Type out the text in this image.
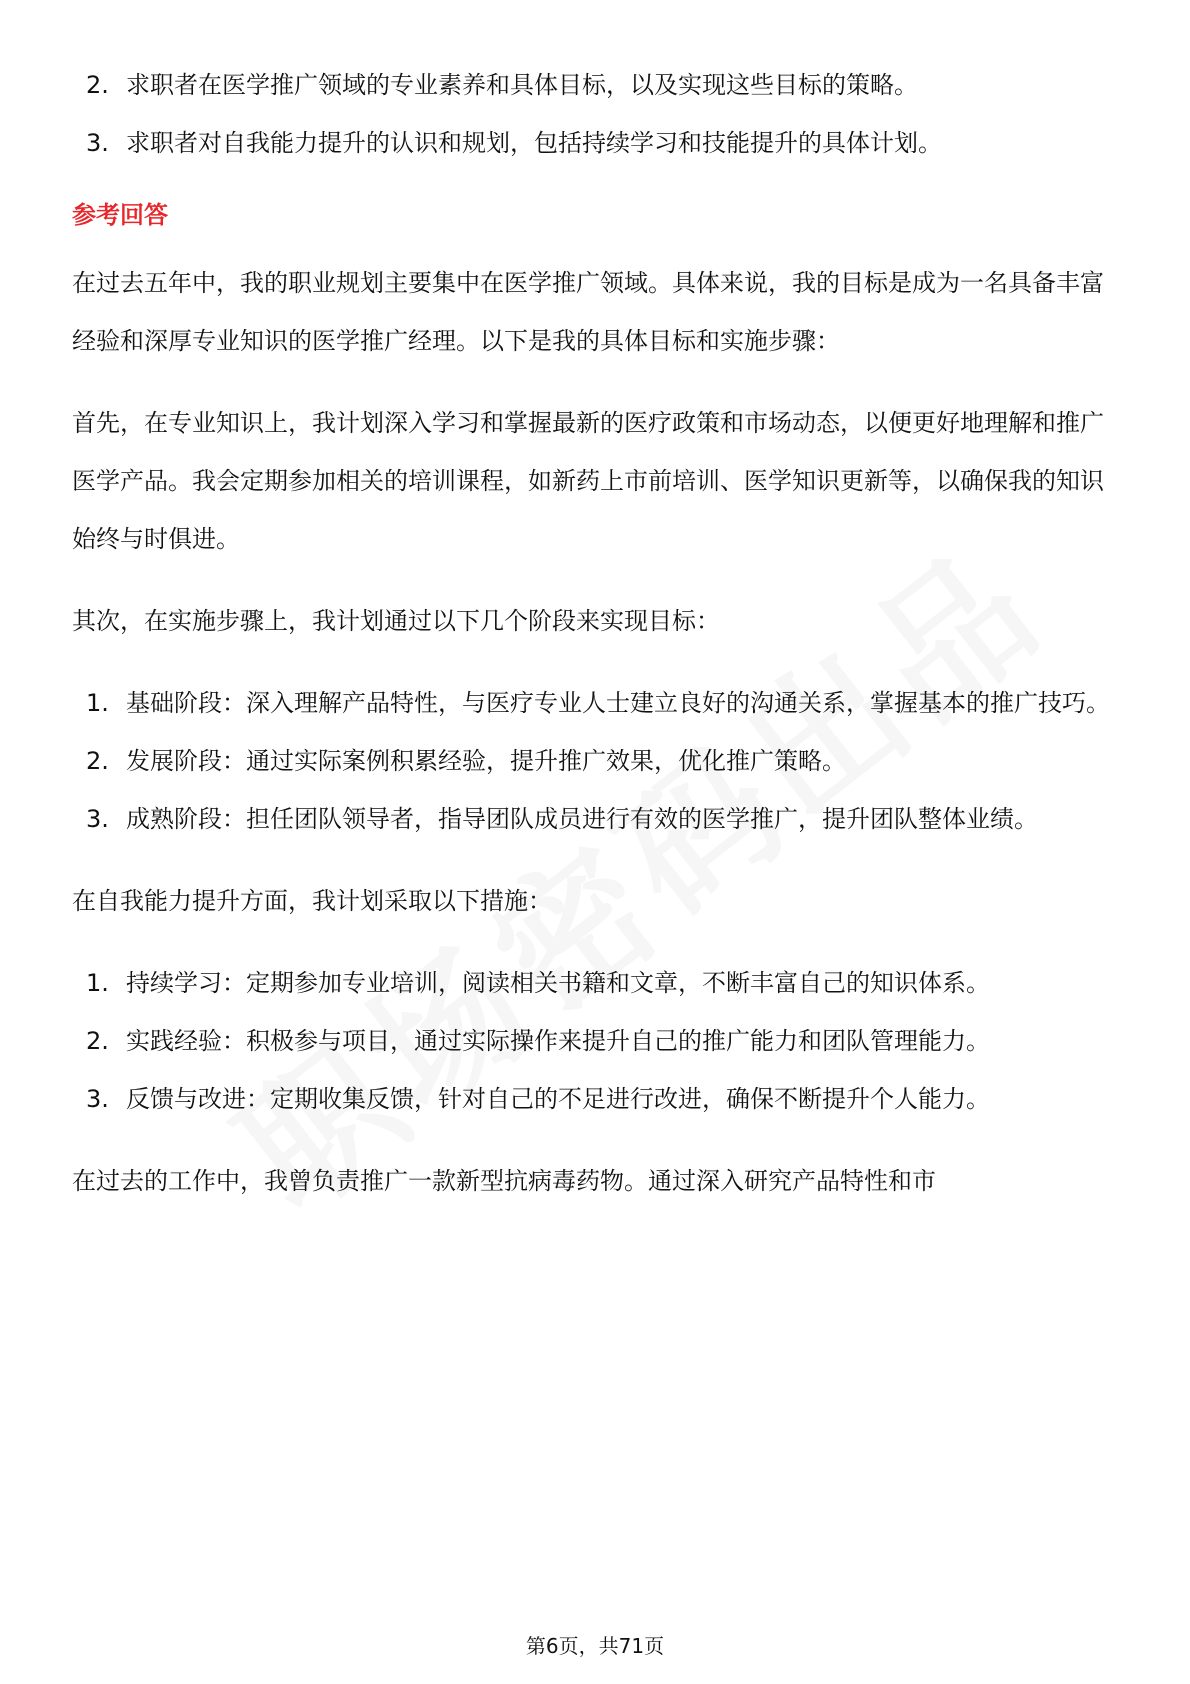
2. 求职者在医学推广领域的专业素养和具体目标，以及实现这些目标的策略。
3. 求职者对自我能力提升的认识和规划，包括持续学习和技能提升的具体计划。
参考回答

在过去五年中，我的职业规划主要集中在医学推广领域。具体来说，我的目标是成为一名具备丰富经验和深厚专业知识的医学推广经理。以下是我的具体目标和实施步骤：

首先，在专业知识上，我计划深入学习和掌握最新的医疗政策和市场动态，以便更好地理解和推广医学产品。我会定期参加相关的培训课程，如新药上市前培训、医学知识更新等，以确保我的知识始终与时俱进。

其次，在实施步骤上，我计划通过以下几个阶段来实现目标：

1. 基础阶段：深入理解产品特性，与医疗专业人士建立良好的沟通关系，掌握基本的推广技巧。
2. 发展阶段：通过实际案例积累经验，提升推广效果，优化推广策略。
3. 成熟阶段：担任团队领导者，指导团队成员进行有效的医学推广，提升团队整体业绩。

在自我能力提升方面，我计划采取以下措施：

1. 持续学习：定期参加专业培训，阅读相关书籍和文章，不断丰富自己的知识体系。
2. 实践经验：积极参与项目，通过实际操作来提升自己的推广能力和团队管理能力。
3. 反馈与改进：定期收集反馈，针对自己的不足进行改进，确保不断提升个人能力。

在过去的工作中，我曾负责推广一款新型抗病毒药物。通过深入研究产品特性和市

第6页，共71页
